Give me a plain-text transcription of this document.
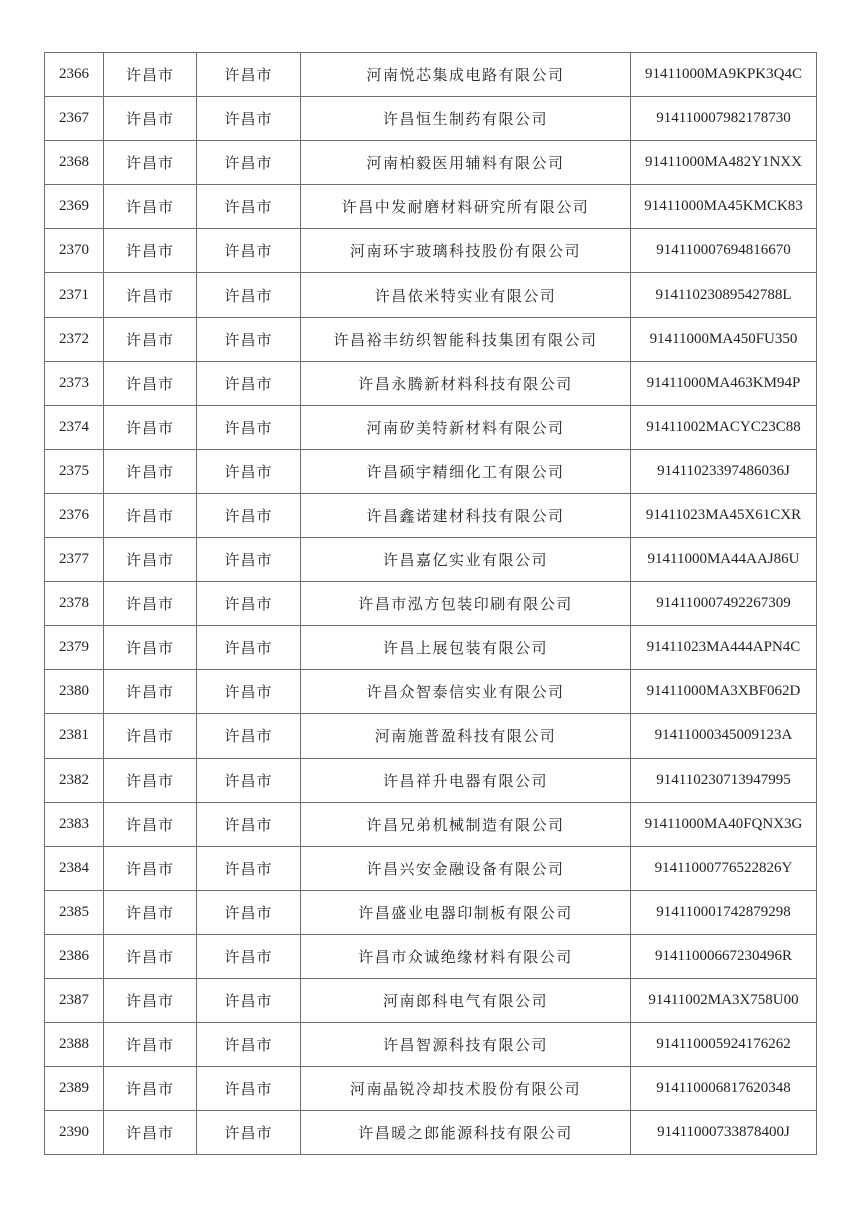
2366	许昌市	许昌市	河南悦芯集成电路有限公司	91411000MA9KPK3Q4C
2367	许昌市	许昌市	许昌恒生制药有限公司	914110007982178730
2368	许昌市	许昌市	河南柏毅医用辅料有限公司	91411000MA482Y1NXX
2369	许昌市	许昌市	许昌中发耐磨材料研究所有限公司	91411000MA45KMCK83
2370	许昌市	许昌市	河南环宇玻璃科技股份有限公司	914110007694816670
2371	许昌市	许昌市	许昌依米特实业有限公司	91411023089542788L
2372	许昌市	许昌市	许昌裕丰纺织智能科技集团有限公司	91411000MA450FU350
2373	许昌市	许昌市	许昌永腾新材料科技有限公司	91411000MA463KM94P
2374	许昌市	许昌市	河南矽美特新材料有限公司	91411002MACYC23C88
2375	许昌市	许昌市	许昌硕宇精细化工有限公司	91411023397486036J
2376	许昌市	许昌市	许昌鑫诺建材科技有限公司	91411023MA45X61CXR
2377	许昌市	许昌市	许昌嘉亿实业有限公司	91411000MA44AAJ86U
2378	许昌市	许昌市	许昌市泓方包装印刷有限公司	914110007492267309
2379	许昌市	许昌市	许昌上展包装有限公司	91411023MA444APN4C
2380	许昌市	许昌市	许昌众智泰信实业有限公司	91411000MA3XBF062D
2381	许昌市	许昌市	河南施普盈科技有限公司	91411000345009123A
2382	许昌市	许昌市	许昌祥升电器有限公司	914110230713947995
2383	许昌市	许昌市	许昌兄弟机械制造有限公司	91411000MA40FQNX3G
2384	许昌市	许昌市	许昌兴安金融设备有限公司	91411000776522826Y
2385	许昌市	许昌市	许昌盛业电器印制板有限公司	914110001742879298
2386	许昌市	许昌市	许昌市众诚绝缘材料有限公司	91411000667230496R
2387	许昌市	许昌市	河南郎科电气有限公司	91411002MA3X758U00
2388	许昌市	许昌市	许昌智源科技有限公司	914110005924176262
2389	许昌市	许昌市	河南晶锐冷却技术股份有限公司	914110006817620348
2390	许昌市	许昌市	许昌暖之郎能源科技有限公司	91411000733878400J
